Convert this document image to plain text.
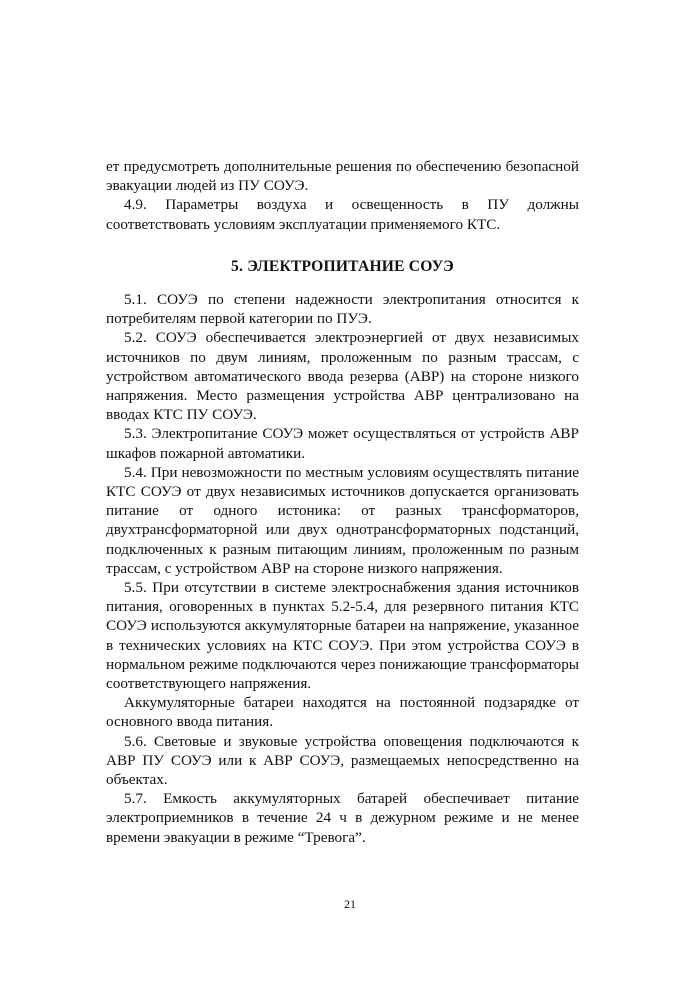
ет предусмотреть дополнительные решения по обеспечению безопасной эвакуации людей из ПУ СОУЭ.

4.9. Параметры воздуха и освещенность в ПУ должны соответствовать условиям эксплуатации применяемого КТС.

5. ЭЛЕКТРОПИТАНИЕ СОУЭ

5.1. СОУЭ по степени надежности электропитания относится к потребителям первой категории по ПУЭ.

5.2. СОУЭ обеспечивается электроэнергией от двух независимых источников по двум линиям, проложенным по разным трассам, с устройством автоматического ввода резерва (АВР) на стороне низкого напряжения. Место размещения устройства АВР централизовано на вводах КТС ПУ СОУЭ.

5.3. Электропитание СОУЭ может осуществляться от устройств АВР шкафов пожарной автоматики.

5.4. При невозможности по местным условиям осуществлять питание КТС СОУЭ от двух независимых источников допускается организовать питание от одного истоника: от разных трансформаторов, двухтрансформаторной или двух однотрансформаторных подстанций, подключенных к разным питающим линиям, проложенным по разным трассам, с устройством АВР на стороне низкого напряжения.

5.5. При отсутствии в системе электроснабжения здания источников питания, оговоренных в пунктах 5.2-5.4, для резервного питания КТС СОУЭ используются аккумуляторные батареи на напряжение, указанное в технических условиях на КТС СОУЭ. При этом устройства СОУЭ в нормальном режиме подключаются через понижающие трансформаторы соответствующего напряжения.

Аккумуляторные батареи находятся на постоянной подзарядке от основного ввода питания.

5.6. Световые и звуковые устройства оповещения подключаются к АВР ПУ СОУЭ или к АВР СОУЭ, размещаемых непосредственно на объектах.

5.7. Емкость аккумуляторных батарей обеспечивает питание электроприемников в течение 24 ч в дежурном режиме и не менее времени эвакуации в режиме “Тревога”.

21
